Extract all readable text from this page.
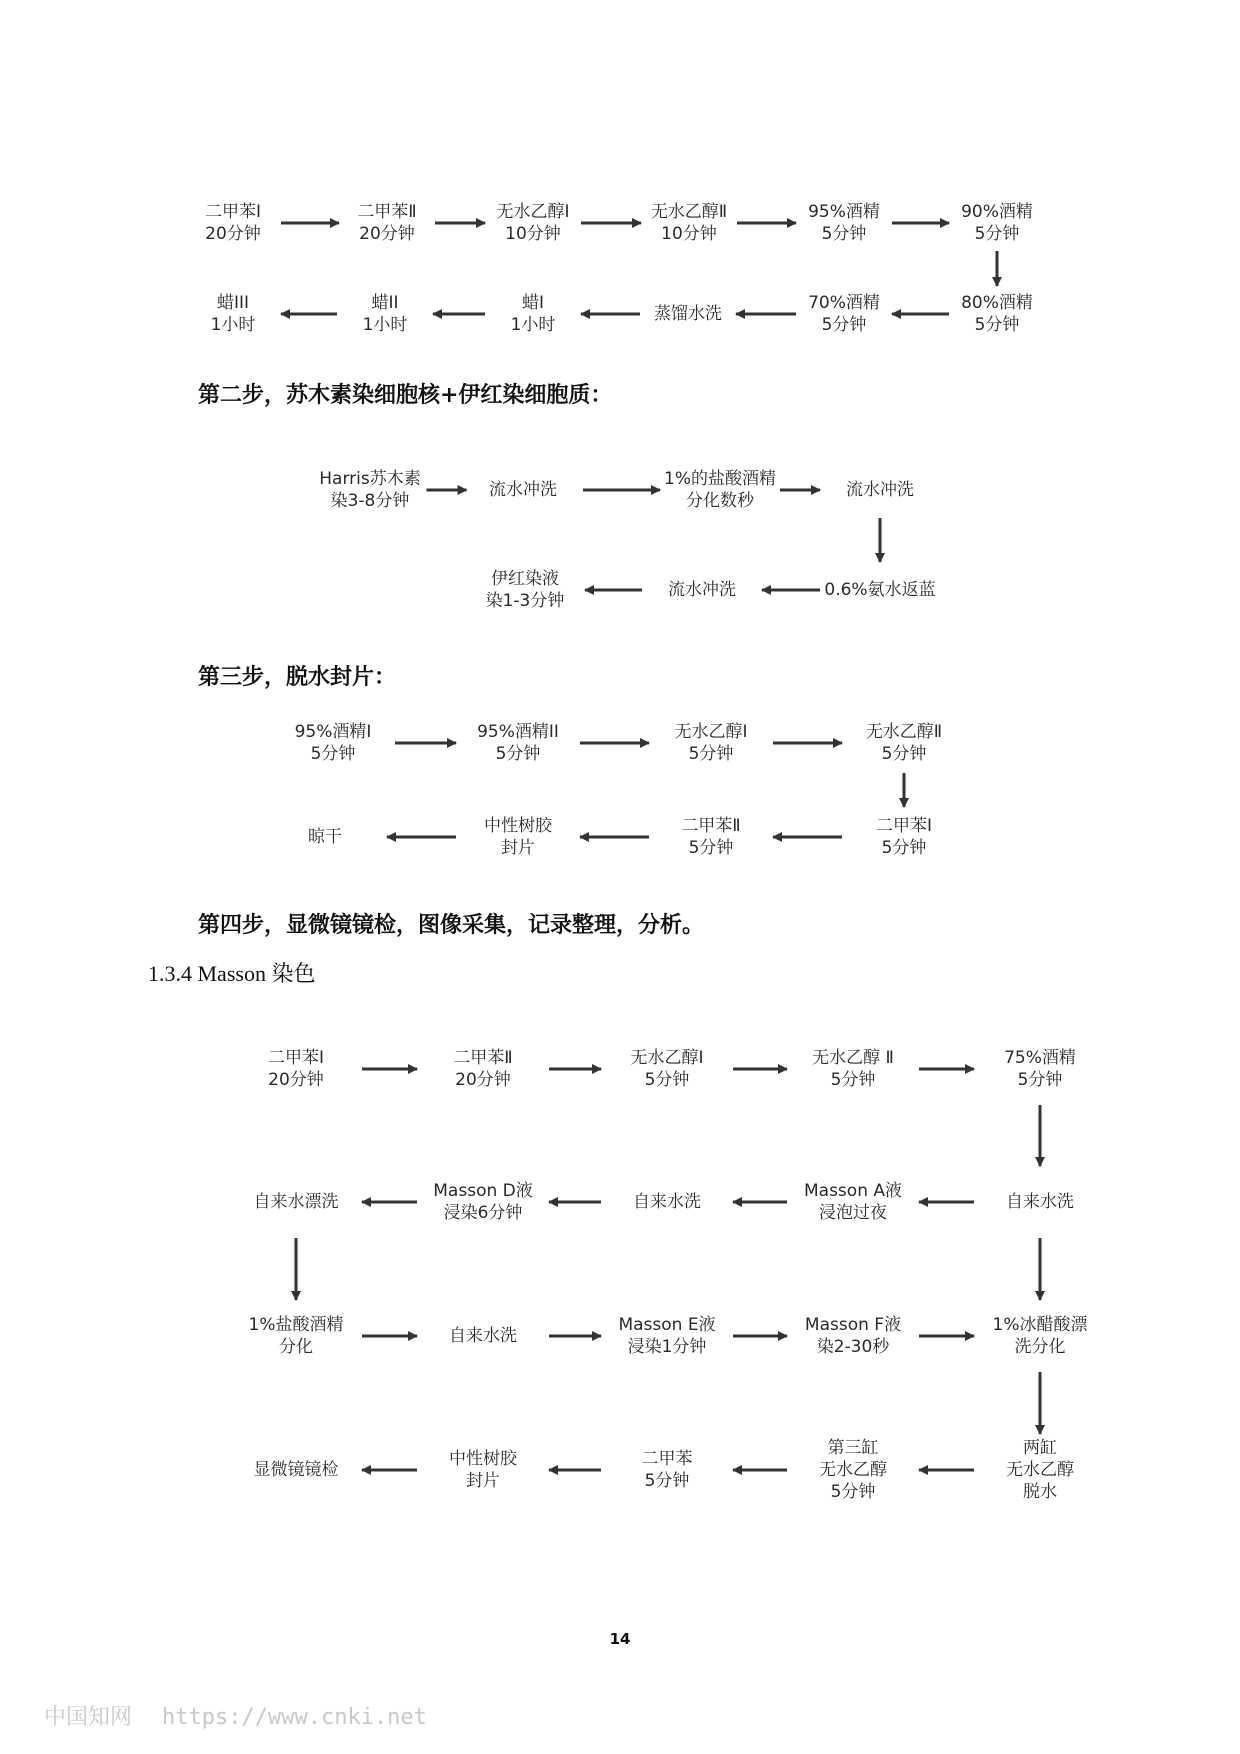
二甲苯Ⅰ
20分钟
二甲苯Ⅱ
20分钟
无水乙醇Ⅰ
10分钟
无水乙醇Ⅱ
10分钟
95%酒精
5分钟
90%酒精
5分钟
蜡III
1小时
蜡II
1小时
蜡I
1小时
蒸馏水洗
70%酒精
5分钟
80%酒精
5分钟
Harris苏木素
染3-8分钟
流水冲洗
1%的盐酸酒精
分化数秒
流水冲洗
伊红染液
染1-3分钟
流水冲洗	0.6%氨水返蓝
95%酒精I
5分钟
95%酒精II
5分钟
无水乙醇Ⅰ
5分钟
无水乙醇Ⅱ
5分钟
晾干
中性树胶
封片
二甲苯Ⅱ
5分钟
二甲苯Ⅰ
5分钟
二甲苯Ⅰ
20分钟
二甲苯Ⅱ
20分钟
无水乙醇Ⅰ
5分钟
无水乙醇 Ⅱ
5分钟
75%酒精
5分钟
自来水漂洗
Masson D液
浸染6分钟
自来水洗
Masson A液
浸泡过夜
自来水洗
1%盐酸酒精
分化
自来水洗
Masson E液
浸染1分钟
Masson F液
染2-30秒
1%冰醋酸漂
洗分化
显微镜镜检
中性树胶
封片
二甲苯
5分钟
第三缸
无水乙醇
5分钟
两缸
无水乙醇
脱水
第二步，苏木素染细胞核+伊红染细胞质：
第三步，脱水封片：
第四步，显微镜镜检，图像采集，记录整理，分析。
1.3.4 Masson 染色
14
中国知网 https://www.cnki.net
